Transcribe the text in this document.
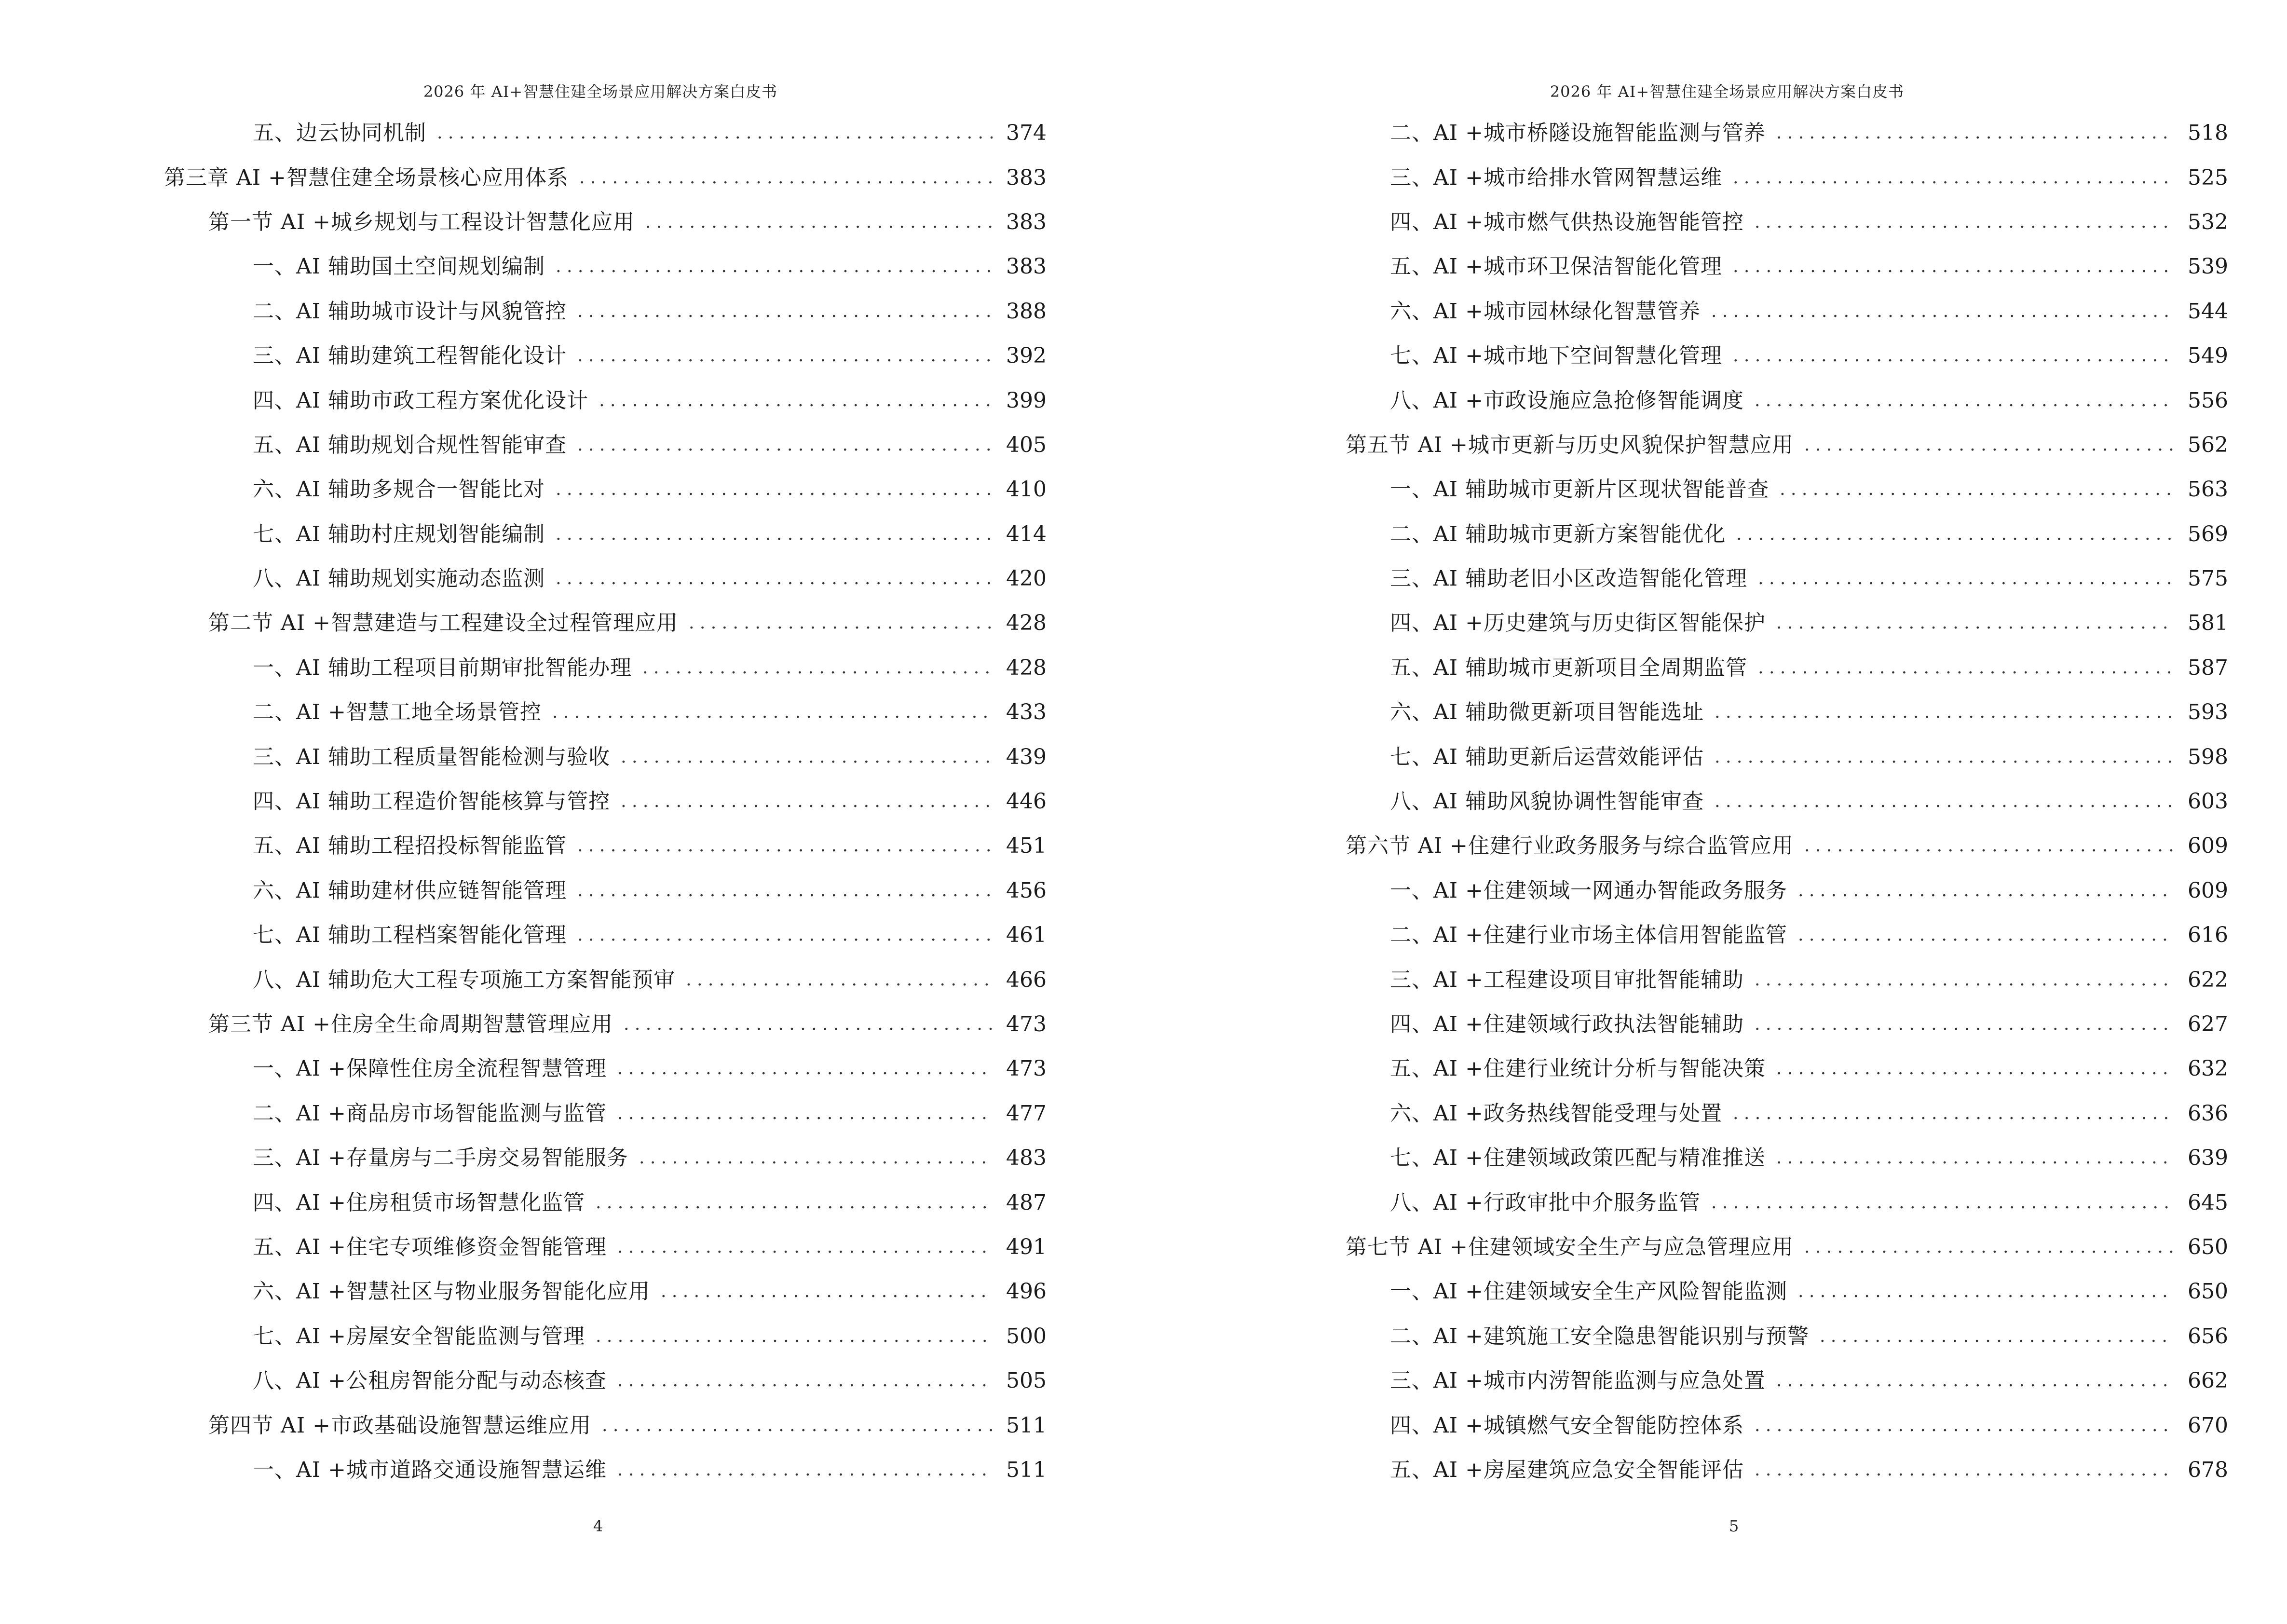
2026 年 AI+智慧住建全场景应用解决方案白皮书
五、边云协同机制 . . .	374
第三章 AI +智慧住建全场景核心应用体系 . . .	383
第一节 AI +城乡规划与工程设计智慧化应用 . . .	383
一、AI 辅助国土空间规划编制 . . .	383
二、AI 辅助城市设计与风貌管控 . . .	388
三、AI 辅助建筑工程智能化设计 . . .	392
四、AI 辅助市政工程方案优化设计 . . .	399
五、AI 辅助规划合规性智能审查 . . .	405
六、AI 辅助多规合一智能比对 . . .	410
七、AI 辅助村庄规划智能编制 . . .	414
八、AI 辅助规划实施动态监测 . . .	420
第二节 AI +智慧建造与工程建设全过程管理应用 . . .	428
一、AI 辅助工程项目前期审批智能办理 . . .	428
二、AI +智慧工地全场景管控 . . .	433
三、AI 辅助工程质量智能检测与验收 . . .	439
四、AI 辅助工程造价智能核算与管控 . . .	446
五、AI 辅助工程招投标智能监管 . . .	451
六、AI 辅助建材供应链智能管理 . . .	456
七、AI 辅助工程档案智能化管理 . . .	461
八、AI 辅助危大工程专项施工方案智能预审 . . .	466
第三节 AI +住房全生命周期智慧管理应用 . . .	473
一、AI +保障性住房全流程智慧管理 . . .	473
二、AI +商品房市场智能监测与监管 . . .	477
三、AI +存量房与二手房交易智能服务 . . .	483
四、AI +住房租赁市场智慧化监管 . . .	487
五、AI +住宅专项维修资金智能管理 . . .	491
六、AI +智慧社区与物业服务智能化应用 . . .	496
七、AI +房屋安全智能监测与管理 . . .	500
八、AI +公租房智能分配与动态核查 . . .	505
第四节 AI +市政基础设施智慧运维应用 . . .	511
一、AI +城市道路交通设施智慧运维 . . .	511
4
2026 年 AI+智慧住建全场景应用解决方案白皮书
二、AI +城市桥隧设施智能监测与管养 . . .	518
三、AI +城市给排水管网智慧运维 . . .	525
四、AI +城市燃气供热设施智能管控 . . .	532
五、AI +城市环卫保洁智能化管理 . . .	539
六、AI +城市园林绿化智慧管养 . . .	544
七、AI +城市地下空间智慧化管理 . . .	549
八、AI +市政设施应急抢修智能调度 . . .	556
第五节 AI +城市更新与历史风貌保护智慧应用 . . .	562
一、AI 辅助城市更新片区现状智能普查 . . .	563
二、AI 辅助城市更新方案智能优化 . . .	569
三、AI 辅助老旧小区改造智能化管理 . . .	575
四、AI +历史建筑与历史街区智能保护 . . .	581
五、AI 辅助城市更新项目全周期监管 . . .	587
六、AI 辅助微更新项目智能选址 . . .	593
七、AI 辅助更新后运营效能评估 . . .	598
八、AI 辅助风貌协调性智能审查 . . .	603
第六节 AI +住建行业政务服务与综合监管应用 . . .	609
一、AI +住建领域一网通办智能政务服务 . . .	609
二、AI +住建行业市场主体信用智能监管 . . .	616
三、AI +工程建设项目审批智能辅助 . . .	622
四、AI +住建领域行政执法智能辅助 . . .	627
五、AI +住建行业统计分析与智能决策 . . .	632
六、AI +政务热线智能受理与处置 . . .	636
七、AI +住建领域政策匹配与精准推送 . . .	639
八、AI +行政审批中介服务监管 . . .	645
第七节 AI +住建领域安全生产与应急管理应用 . . .	650
一、AI +住建领域安全生产风险智能监测 . . .	650
二、AI +建筑施工安全隐患智能识别与预警 . . .	656
三、AI +城市内涝智能监测与应急处置 . . .	662
四、AI +城镇燃气安全智能防控体系 . . .	670
五、AI +房屋建筑应急安全智能评估 . . .	678
5
